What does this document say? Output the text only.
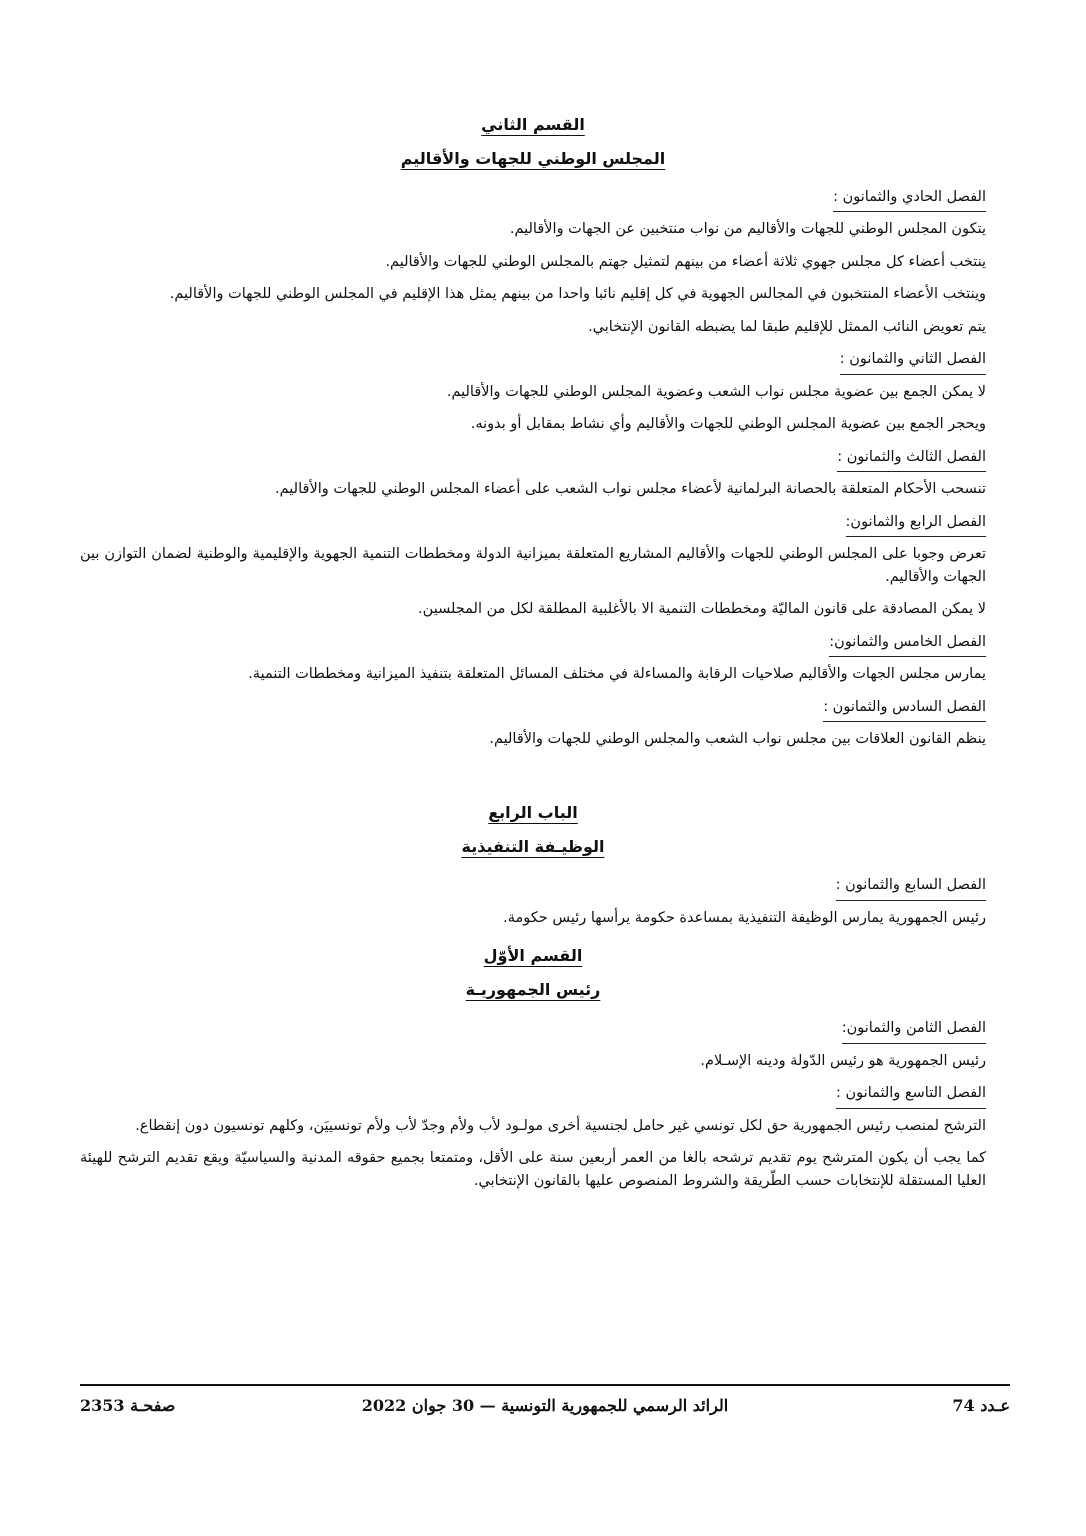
القسم الثاني
المجلس الوطني للجهات والأقاليم
الفصل الحادي والثمانون :

يتكون المجلس الوطني للجهات والأقاليم من نواب منتخبين عن الجهات والأقاليم.

ينتخب أعضاء كل مجلس جهوي ثلاثة أعضاء من بينهم لتمثيل جهتم بالمجلس الوطني للجهات والأقاليم.

وينتخب الأعضاء المنتخبون في المجالس الجهوية في كل إقليم نائبا واحدا من بينهم يمثل هذا الإقليم في المجلس الوطني للجهات والأقاليم.

يتم تعويض النائب الممثل للإقليم طبقا لما يضبطه القانون الإنتخابي.

الفصل الثاني والثمانون :

لا يمكن الجمع بين عضوية مجلس نواب الشعب وعضوية المجلس الوطني للجهات والأقاليم.

ويحجر الجمع بين عضوية المجلس الوطني للجهات والأقاليم وأي نشاط بمقابل أو بدونه.

الفصل الثالث والثمانون :

تنسحب الأحكام المتعلقة بالحصانة البرلمانية لأعضاء مجلس نواب الشعب على أعضاء المجلس الوطني للجهات والأقاليم.

الفصل الرابع والثمانون:

تعرض وجوبا على المجلس الوطني للجهات والأقاليم المشاريع المتعلقة بميزانية الدولة ومخططات التنمية الجهوية والإقليمية والوطنية لضمان التوازن بين الجهات والأقاليم.

لا يمكن المصادقة على قانون الماليّة ومخططات التنمية الا بالأغلبية المطلقة لكل من المجلسين.

الفصل الخامس والثمانون:

يمارس مجلس الجهات والأقاليم صلاحيات الرقابة والمساءلة في مختلف المسائل المتعلقة بتنفيذ الميزانية ومخططات التنمية.

الفصل السادس والثمانون :

ينظم القانون العلاقات بين مجلس نواب الشعب والمجلس الوطني للجهات والأقاليم.

الباب الرابع
الوظيـفة التنفيذية
الفصل السابع والثمانون :

رئيس الجمهورية يمارس الوظيفة التنفيذية بمساعدة حكومة يرأسها رئيس حكومة.

القسم الأوّل
رئيس الجمهوريـة
الفصل الثامن والثمانون:

رئيس الجمهورية هو رئيس الدّولة ودينه الإسـلام.

الفصل التاسع والثمانون :

الترشح لمنصب رئيس الجمهورية حق لكل تونسي غير حامل لجنسية أخرى مولـود لأب ولأم وجدّ لأب ولأم تونسييَن، وكلهم تونسيون دون إنقطاع.

كما يجب أن يكون المترشح يوم تقديم ترشحه بالغا من العمر أربعين سنة على الأقل، ومتمتعا بجميع حقوقه المدنية والسياسيّة ويقع تقديم الترشح للهيئة العليا المستقلة للإنتخابات حسب الطّريقة والشروط المنصوص عليها بالقانون الإنتخابي.

عـدد 74
الرائد الرسمي للجمهورية التونسية — 30 جوان 2022
صفحـة 2353
